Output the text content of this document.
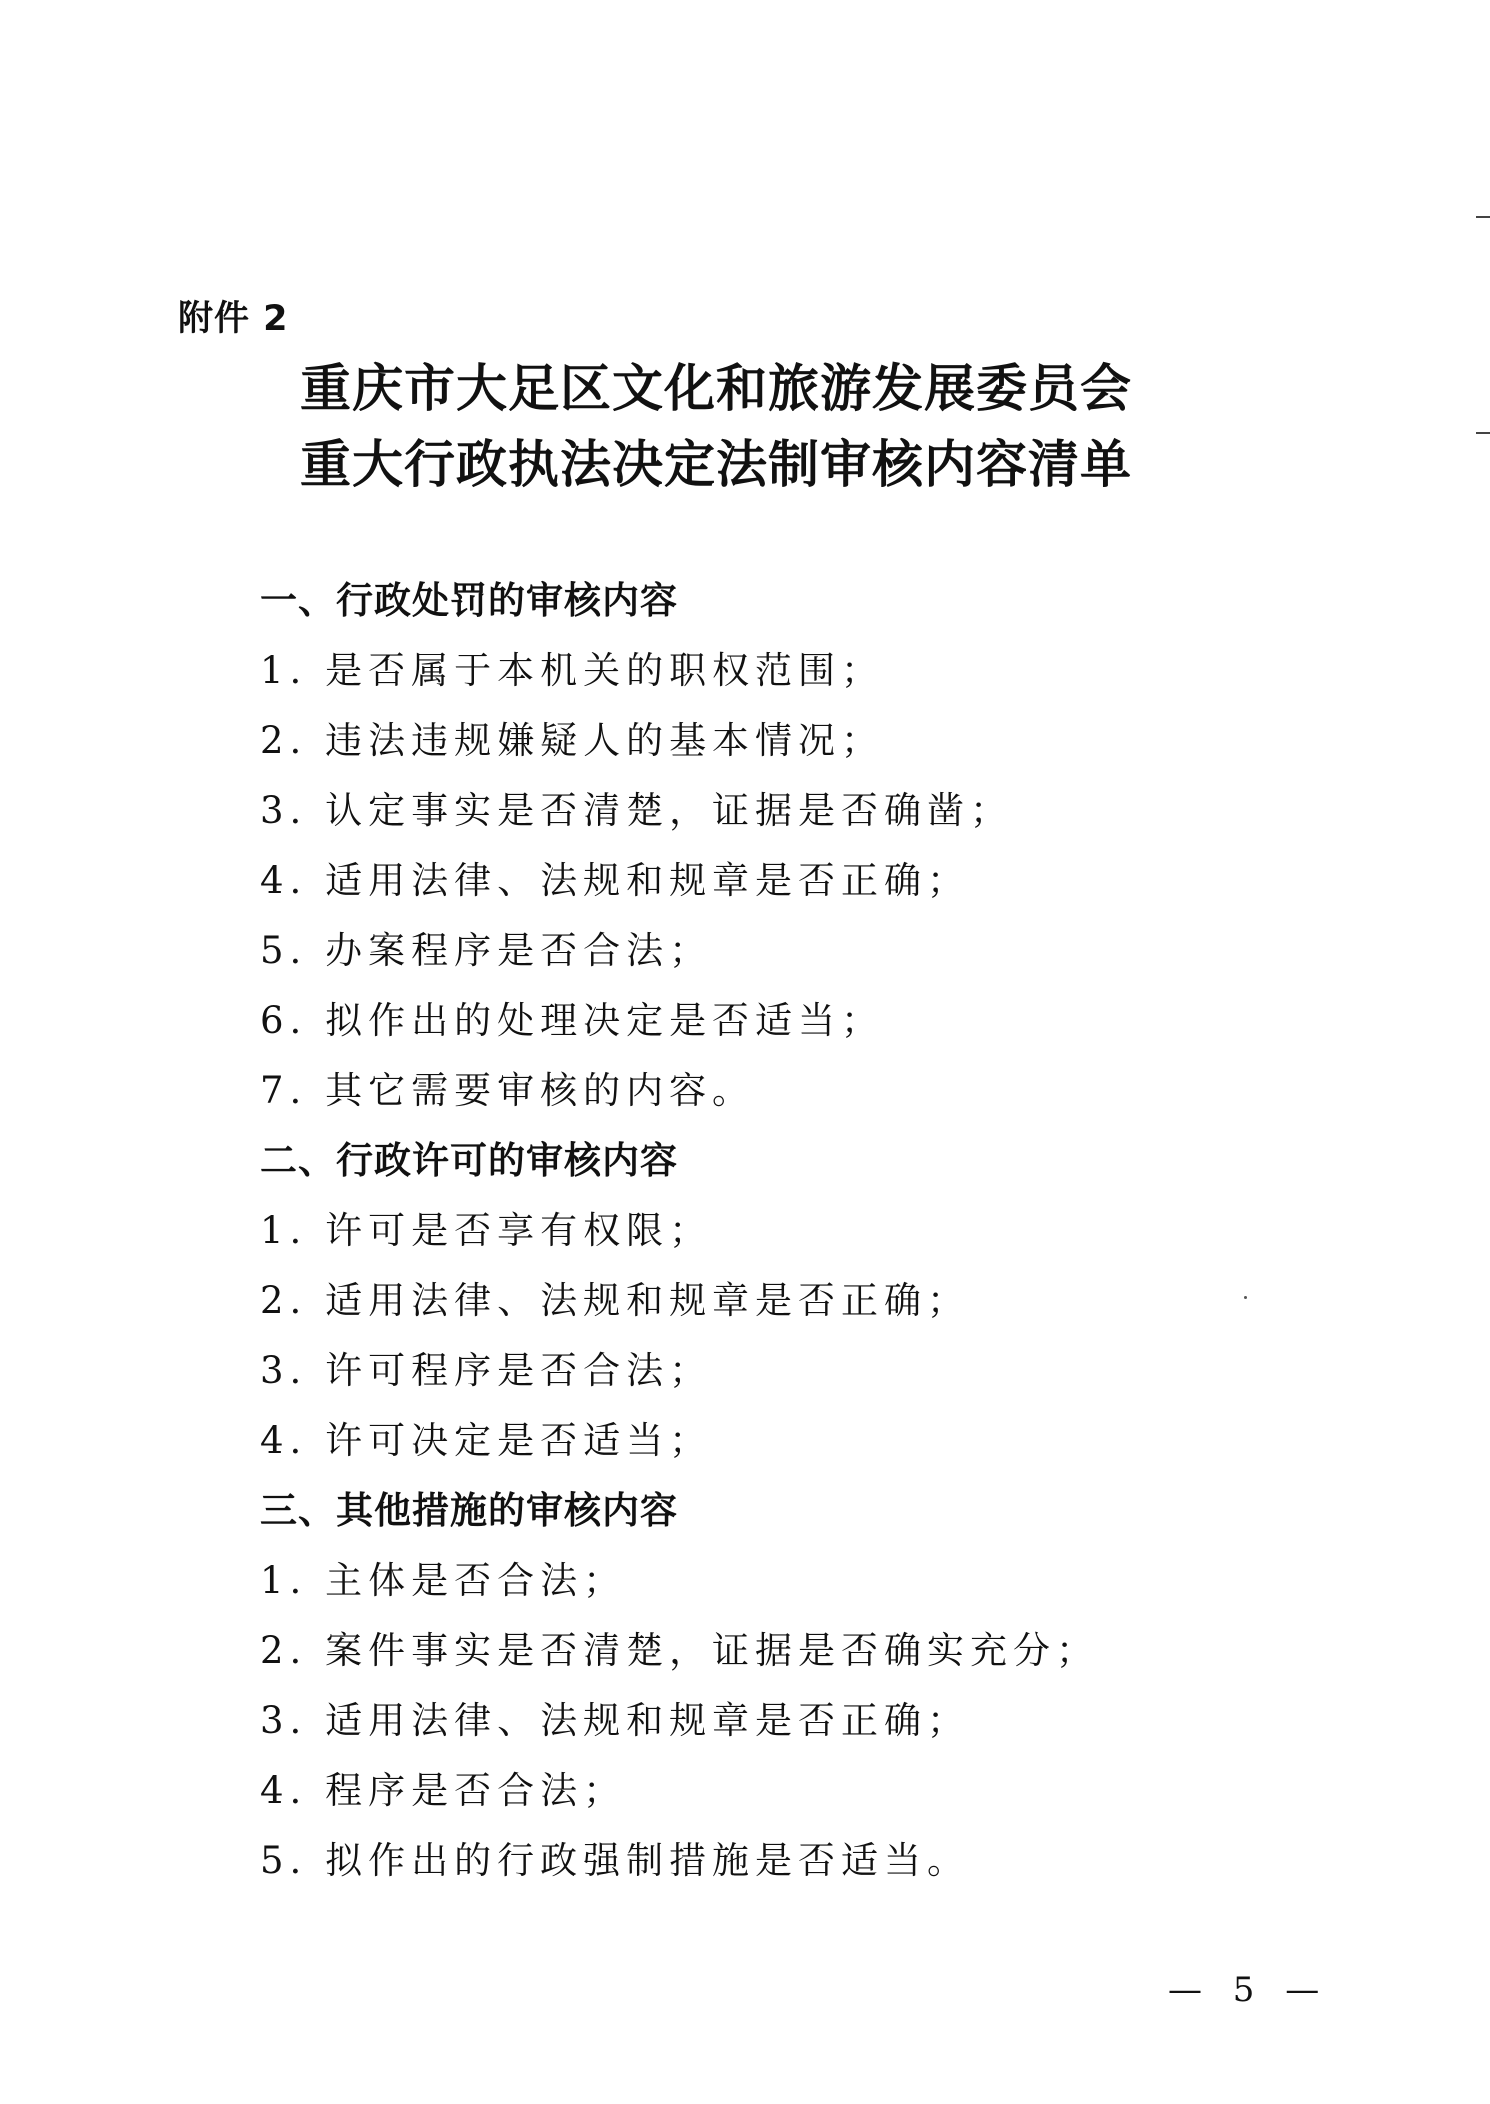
附件 2
重庆市大足区文化和旅游发展委员会
重大行政执法决定法制审核内容清单
一、行政处罚的审核内容
1. 是否属于本机关的职权范围；
2. 违法违规嫌疑人的基本情况；
3. 认定事实是否清楚，证据是否确凿；
4. 适用法律、法规和规章是否正确；
5. 办案程序是否合法；
6. 拟作出的处理决定是否适当；
7. 其它需要审核的内容。
二、行政许可的审核内容
1. 许可是否享有权限；
2. 适用法律、法规和规章是否正确；
3. 许可程序是否合法；
4. 许可决定是否适当；
三、其他措施的审核内容
1. 主体是否合法；
2. 案件事实是否清楚，证据是否确实充分；
3. 适用法律、法规和规章是否正确；
4. 程序是否合法；
5. 拟作出的行政强制措施是否适当。
— 5 —
